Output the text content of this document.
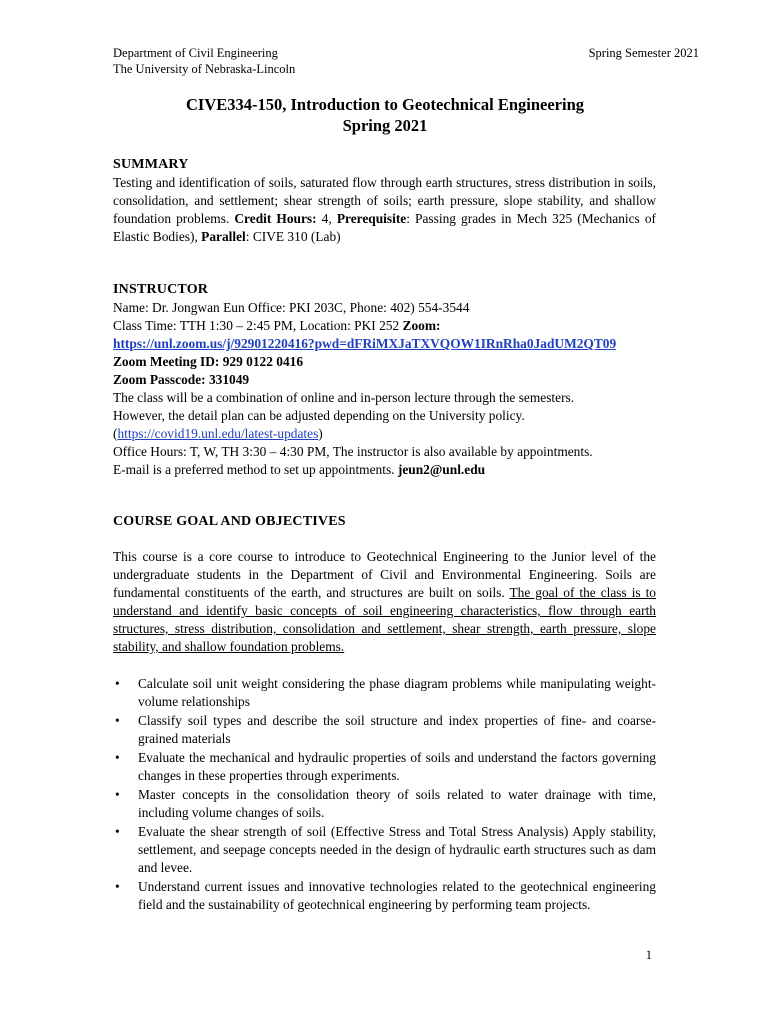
Department of Civil Engineering
The University of Nebraska-Lincoln
Spring Semester 2021
CIVE334-150, Introduction to Geotechnical Engineering
Spring 2021
SUMMARY
Testing and identification of soils, saturated flow through earth structures, stress distribution in soils, consolidation, and settlement; shear strength of soils; earth pressure, slope stability, and shallow foundation problems. Credit Hours: 4, Prerequisite: Passing grades in Mech 325 (Mechanics of Elastic Bodies), Parallel: CIVE 310 (Lab)
INSTRUCTOR
Name: Dr. Jongwan Eun Office: PKI 203C, Phone: 402) 554-3544
Class Time: TTH 1:30 – 2:45 PM, Location: PKI 252 Zoom:
https://unl.zoom.us/j/92901220416?pwd=dFRiMXJaTXVQOW1IRnRha0JadUM2QT09
Zoom Meeting ID: 929 0122 0416
Zoom Passcode: 331049
The class will be a combination of online and in-person lecture through the semesters.
However, the detail plan can be adjusted depending on the University policy.
(https://covid19.unl.edu/latest-updates)
Office Hours: T, W, TH 3:30 – 4:30 PM, The instructor is also available by appointments.
E-mail is a preferred method to set up appointments. jeun2@unl.edu
COURSE GOAL AND OBJECTIVES
This course is a core course to introduce to Geotechnical Engineering to the Junior level of the undergraduate students in the Department of Civil and Environmental Engineering. Soils are fundamental constituents of the earth, and structures are built on soils. The goal of the class is to understand and identify basic concepts of soil engineering characteristics, flow through earth structures, stress distribution, consolidation and settlement, shear strength, earth pressure, slope stability, and shallow foundation problems.
• Calculate soil unit weight considering the phase diagram problems while manipulating weight-volume relationships
• Classify soil types and describe the soil structure and index properties of fine- and coarse-grained materials
• Evaluate the mechanical and hydraulic properties of soils and understand the factors governing changes in these properties through experiments.
• Master concepts in the consolidation theory of soils related to water drainage with time, including volume changes of soils.
• Evaluate the shear strength of soil (Effective Stress and Total Stress Analysis) Apply stability, settlement, and seepage concepts needed in the design of hydraulic earth structures such as dam and levee.
• Understand current issues and innovative technologies related to the geotechnical engineering field and the sustainability of geotechnical engineering by performing team projects.
1
